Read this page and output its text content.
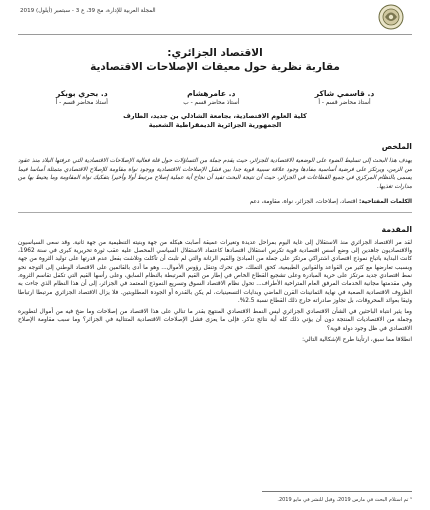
المجلة العربية للإدارة، مج 39، ع 3 - سبتمبر (أيلول) 2019
الاقتصاد الجزائري:
مقاربة نظرية حول معيقات الإصلاحات الاقتصادية
د. قاسمي شاكر
أستاذ محاضر قسم - أ
د. عامرهشام
أستاذ محاضر قسم - ب
د. بحري بوبكر
أستاذ محاضر قسم - أ
كلية العلوم الاقتصادية، بجامعة الشاذلي بن جديد، الطارف
الجمهورية الجزائرية الديمقراطية الشعبية
الملخص
يهدف هذا البحث إلى تسليط الضوء على الوضعية الاقتصادية للجزائر، حيث يقدم جملة من التساؤلات حول قلة فعالية الإصلاحات الاقتصادية التي عرفتها البلاد منذ عقود من الزمن، ويرتكز على فرضية أساسية مفادها وجود علاقة سببية قوية جدا بين فشل الإصلاحات الاقتصادية ووجود نواة مقاومة للإصلاح الاقتصادي متمثلة أساسا فيما يسمى بالنظام المركزي في جميع القطاعات في الجزائر، حيث أن نتيجة البحث تفيد أن نجاح أية عملية إصلاح مرتبط أولا وأخيرا بتفكيك نواة المقاومة وما يحيط بها من مدارات تغذيها.
الكلمات المفتاحية: اقتصاد، إصلاحات، الجزائر، نواة، مقاومة، دعم
المقدمة

لقد مر الاقتصاد الجزائري منذ الاستقلال إلى غاية اليوم بمراحل عديدة وتغيرات عميقة أصابت هيكله من جهة وبنيته التنظيمية من جهة ثانية. وقد سعى السياسيون والاقتصاديون جاهدين إلى وضع أسس اقتصادية قوية تكرس استقلال اقتصادها كاعتماد الاستقلال السياسي المحصل عليه عقب ثورة تحريرية كبرى في سنة 1962، كانت البداية باتباع نموذج اقتصادي اشتراكي مرتكز على جملة من المبادئ والقيم الرئانة والتي لم تلبث أن تآكلت وتلاشت بفعل عدم قدرتها على توليد الثروة من جهة وبسبب تعارضها مع كثير من القواعد والقوانين الطبيعية، كحق التملك، حق تحرك وتنقل رؤوس الأموال... وهو ما أدى بالقائمين على الاقتصاد الوطني إلى التوجه نحو نمط اقتصادي جديد مرتكز على حرية المبادرة وعلى تشجيع القطاع الخاص في إطار من القيم المرتبطة بالنظام السابق، وعلى رأسها القيم التي تكفل تقاسم الثروة، وفي مقدمتها مجانية الخدمات المرفق العام المتراخية الأطراف... تحول نظام الاقتصاد السوق وتسريع النموذج المعتمد في الجزائر، إلى أن هذا النظام الذي جاءت به الظروف الاقتصادية الصعبة في نهاية الثمانينات القرن الماضي وبدايات التسعينيات، لم يكن بالقدرة أو الجودة المطلوبتين. فلا يزال الاقتصاد الجزائري مرتبطا ارتباطا وثيقا بعوائد المحروقات، بل تجاوز صادراته خارج ذلك القطاع نسبة 2.5%.

وما يثير انتباه الباحثين في الشأن الاقتصادي الجزائري ليس النمط الاقتصادي المنتهج بقدر ما تنالي على هذا الاقتصاد من إصلاحات وما ضخ فيه من أموال لتطويره وجملة من الاقتصاديات المنتجة دون أن يؤتي ذلك كله أية نتائج تذكر. فإلى ما يعزى فشل الإصلاحات الاقتصادية المتتالية في الجزائر؟ وما سبب مقاومة الإصلاح الاقتصادي في ظل وجود دولة قوية؟

انطلاقا مما سبق، ارتأينا طرح الإشكالية التالي:

¹ تم استلام البحث في مارس 2019، وقبل للنشر في مايو 2019.
